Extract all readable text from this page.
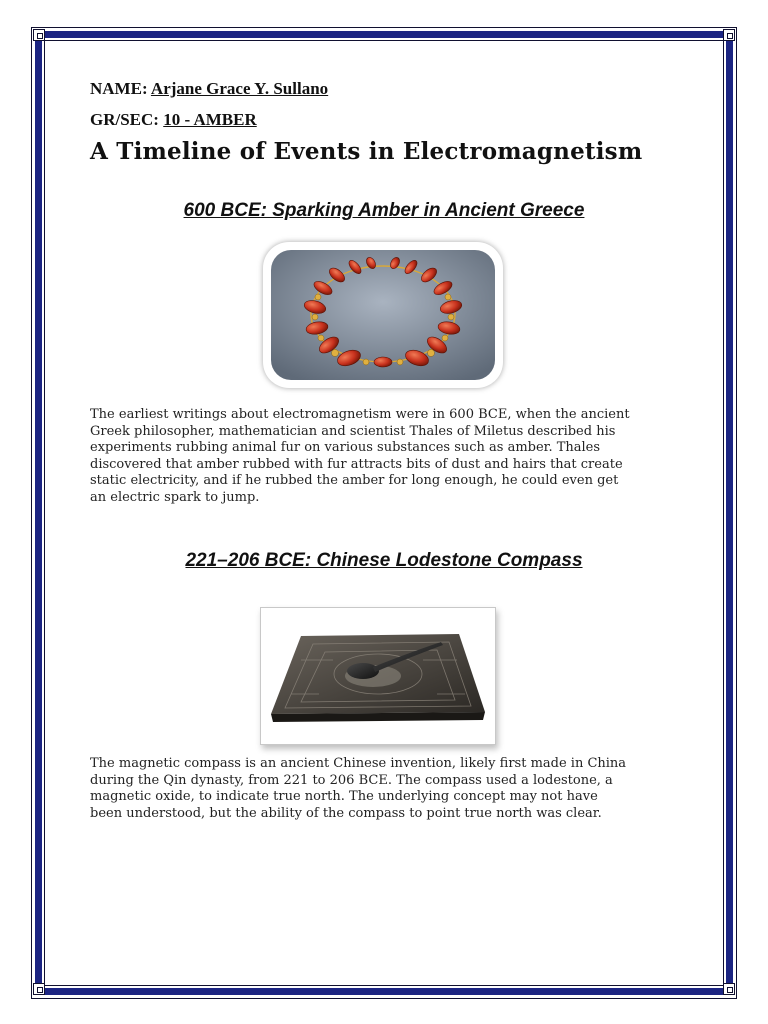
NAME: Arjane Grace Y. Sullano
GR/SEC: 10 - AMBER
A Timeline of Events in Electromagnetism
600 BCE: Sparking Amber in Ancient Greece
The earliest writings about electromagnetism were in 600 BCE, when the ancient
Greek philosopher, mathematician and scientist Thales of Miletus described his
experiments rubbing animal fur on various substances such as amber. Thales
discovered that amber rubbed with fur attracts bits of dust and hairs that create
static electricity, and if he rubbed the amber for long enough, he could even get
an electric spark to jump.
221–206 BCE: Chinese Lodestone Compass
The magnetic compass is an ancient Chinese invention, likely first made in China
during the Qin dynasty, from 221 to 206 BCE. The compass used a lodestone, a
magnetic oxide, to indicate true north. The underlying concept may not have
been understood, but the ability of the compass to point true north was clear.
